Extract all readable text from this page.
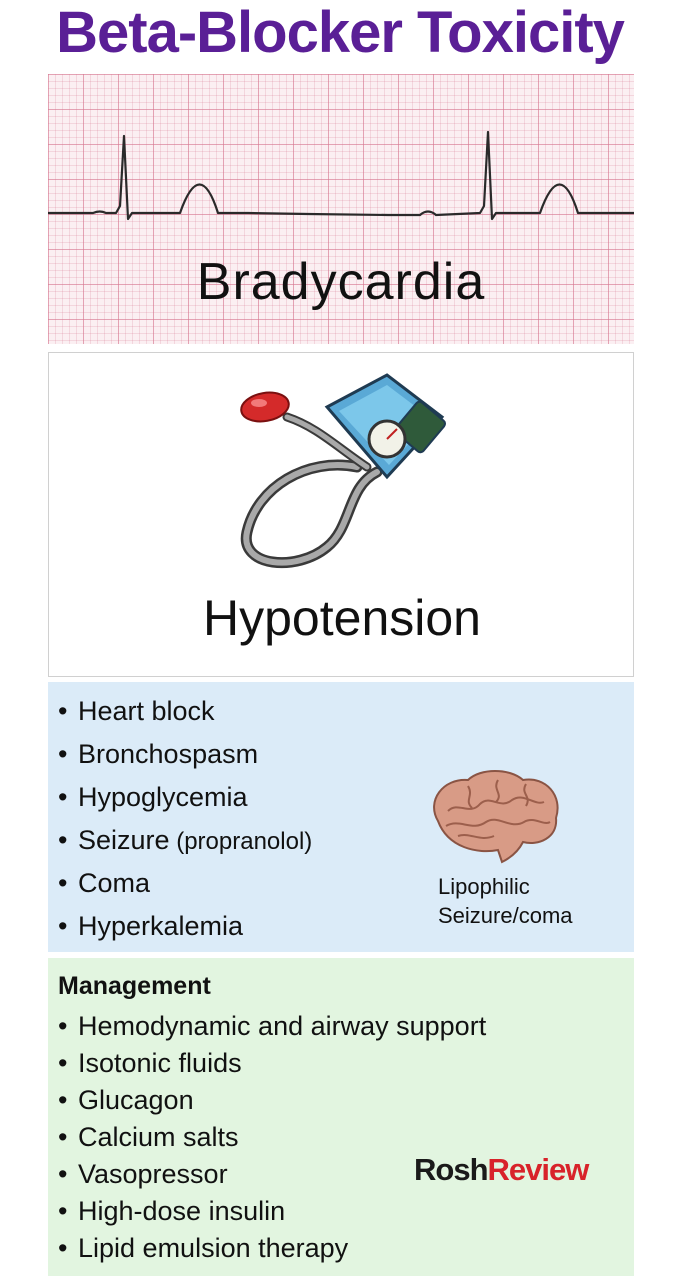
Beta-Blocker Toxicity
Bradycardia
Hypotension
• Heart block
• Bronchospasm
• Hypoglycemia
• Seizure (propranolol)
• Coma
• Hyperkalemia
Lipophilic
Seizure/coma
Management
• Hemodynamic and airway support
• Isotonic fluids
• Glucagon
• Calcium salts
• Vasopressor
• High-dose insulin
• Lipid emulsion therapy
RoshReview
